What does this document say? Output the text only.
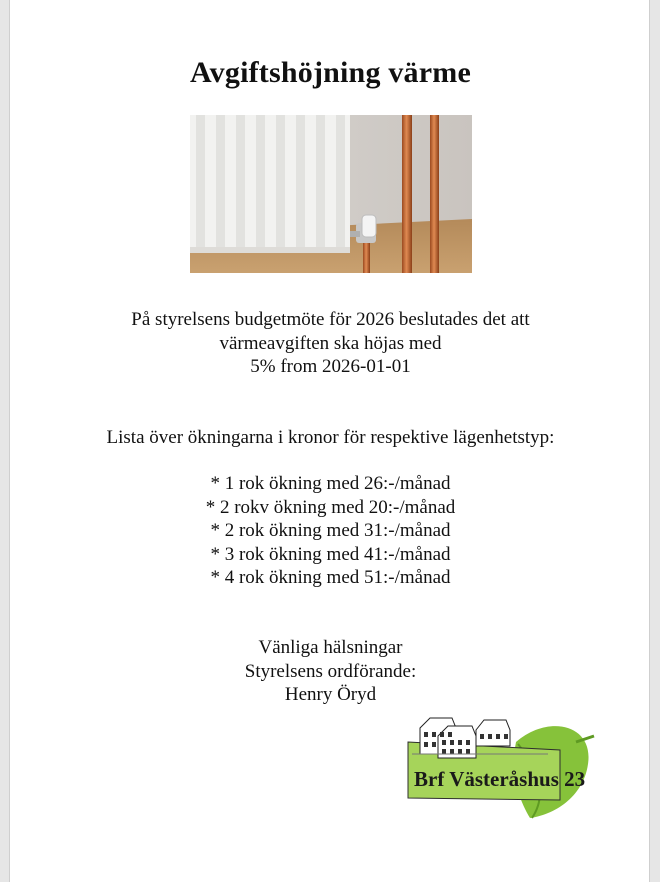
Avgiftshöjning värme

På styrelsens budgetmöte för 2026 beslutades det att
värmeavgiften ska höjas med
5% from 2026-01-01

Lista över ökningarna i kronor för respektive lägenhetstyp:

* 1 rok ökning med 26:-/månad
* 2 rokv ökning med 20:-/månad
* 2 rok ökning med 31:-/månad
* 3 rok ökning med 41:-/månad
* 4 rok ökning med 51:-/månad

Vänliga hälsningar
Styrelsens ordförande:
Henry Öryd

Brf Västeråshus 23
